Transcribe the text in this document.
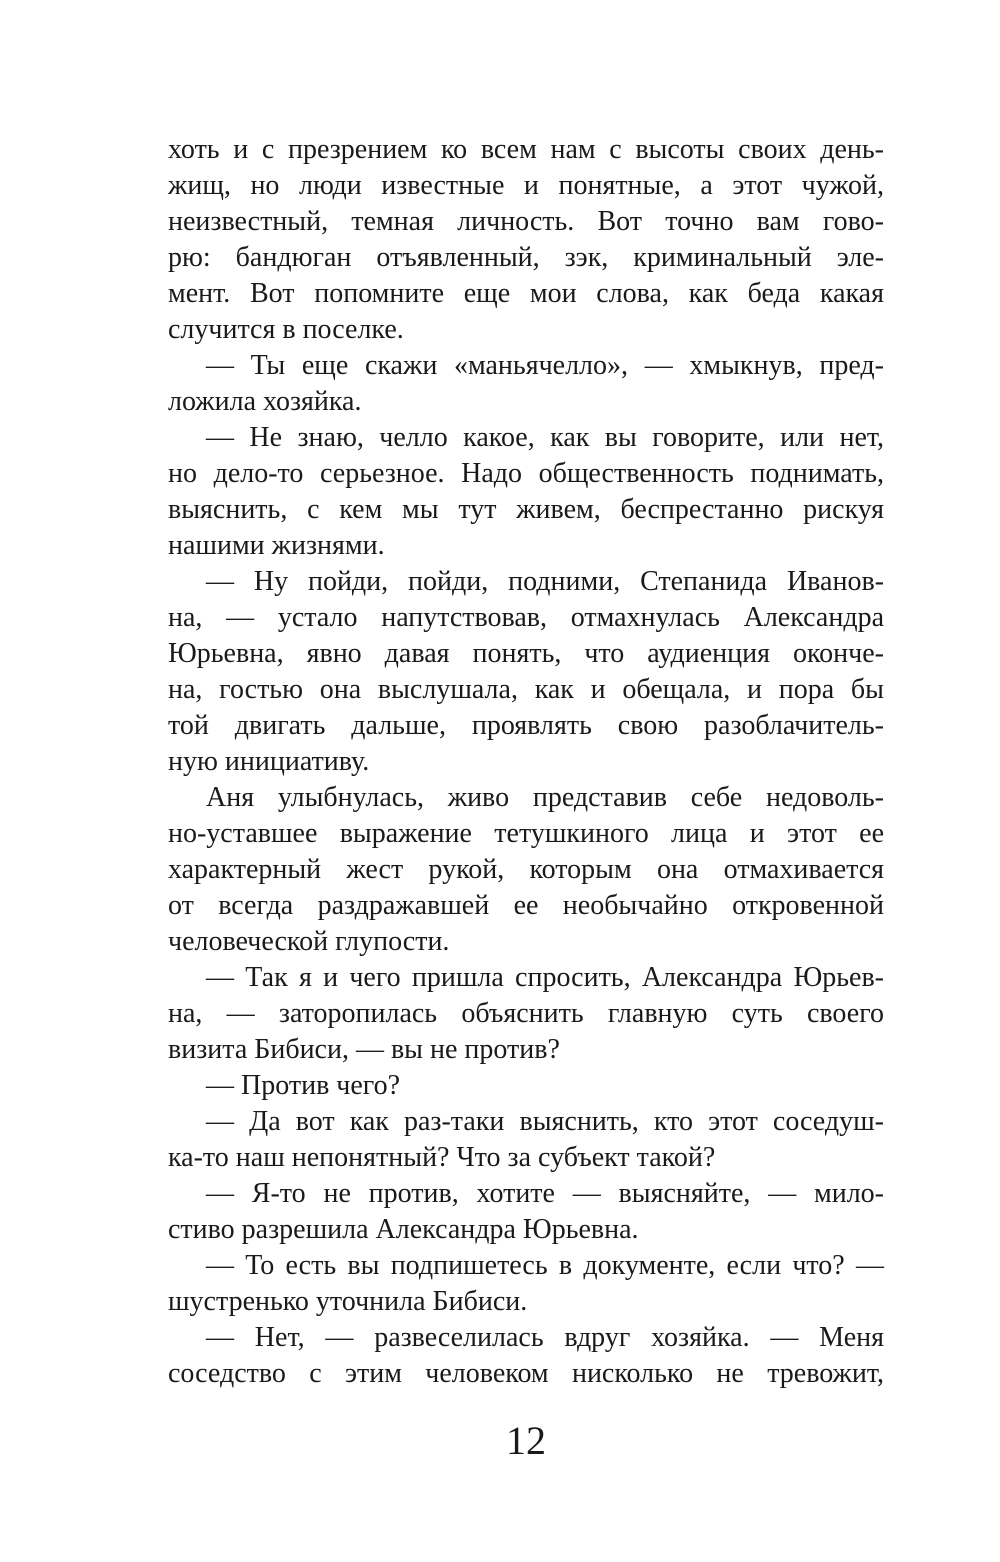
хоть и с презрением ко всем нам с высоты своих день-
жищ, но люди известные и понятные, а этот чужой,
неизвестный, темная личность. Вот точно вам гово-
рю: бандюган отъявленный, зэк, криминальный эле-
мент. Вот попомните еще мои слова, как беда какая
случится в поселке.
— Ты еще скажи «маньячелло», — хмыкнув, пред-
ложила хозяйка.
— Не знаю, челло какое, как вы говорите, или нет,
но дело-то серьезное. Надо общественность поднимать,
выяснить, с кем мы тут живем, беспрестанно рискуя
нашими жизнями.
— Ну пойди, пойди, подними, Степанида Иванов-
на, — устало напутствовав, отмахнулась Александра
Юрьевна, явно давая понять, что аудиенция оконче-
на, гостью она выслушала, как и обещала, и пора бы
той двигать дальше, проявлять свою разоблачитель-
ную инициативу.
Аня улыбнулась, живо представив себе недоволь-
но-уставшее выражение тетушкиного лица и этот ее
характерный жест рукой, которым она отмахивается
от всегда раздражавшей ее необычайно откровенной
человеческой глупости.
— Так я и чего пришла спросить, Александра Юрьев-
на, — заторопилась объяснить главную суть своего
визита Бибиси, — вы не против?
— Против чего?
— Да вот как раз-таки выяснить, кто этот соседуш-
ка-то наш непонятный? Что за субъект такой?
— Я-то не против, хотите — выясняйте, — мило-
стиво разрешила Александра Юрьевна.
— То есть вы подпишетесь в документе, если что? —
шустренько уточнила Бибиси.
— Нет, — развеселилась вдруг хозяйка. — Меня
соседство с этим человеком нисколько не тревожит,
12
